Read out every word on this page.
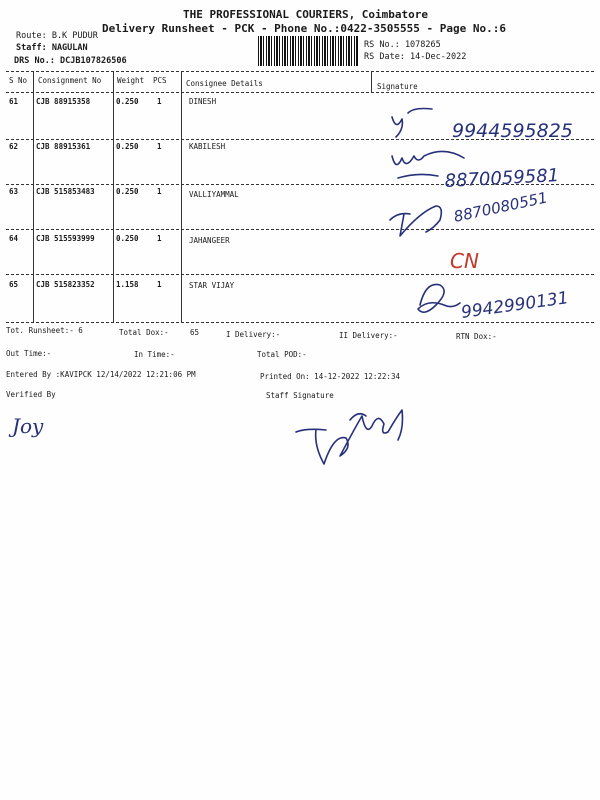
THE PROFESSIONAL COURIERS, Coimbatore
Delivery Runsheet - PCK - Phone No.:0422-3505555 - Page No.:6
Route: B.K PUDUR
Staff: NAGULAN
DRS No.: DCJB107826506
RS No.: 1078265
RS Date: 14-Dec-2022
S No Consignment No Weight PCS	Consignee Details	Signature
61 CJB 88915358	0.250 1	DINESH
62 CJB 88915361	0.250 1	KABILESH
63 CJB 515853483	0.250 1	VALLIYAMMAL
64 CJB 515593999	0.250 1	JAHANGEER
65 CJB 515823352	1.158 1	STAR VIJAY
9944595825
8870059581
8870080551
CN
9942990131
Tot. Runsheet:- 6	Total Dox:-	65	I Delivery:-	II Delivery:-	RTN Dox:-
Out Time:-	In Time:-	Total POD:-
Entered By :KAVIPCK 12/14/2022 12:21:06 PM	Printed On: 14-12-2022 12:22:34
Verified By	Staff Signature
Joy
